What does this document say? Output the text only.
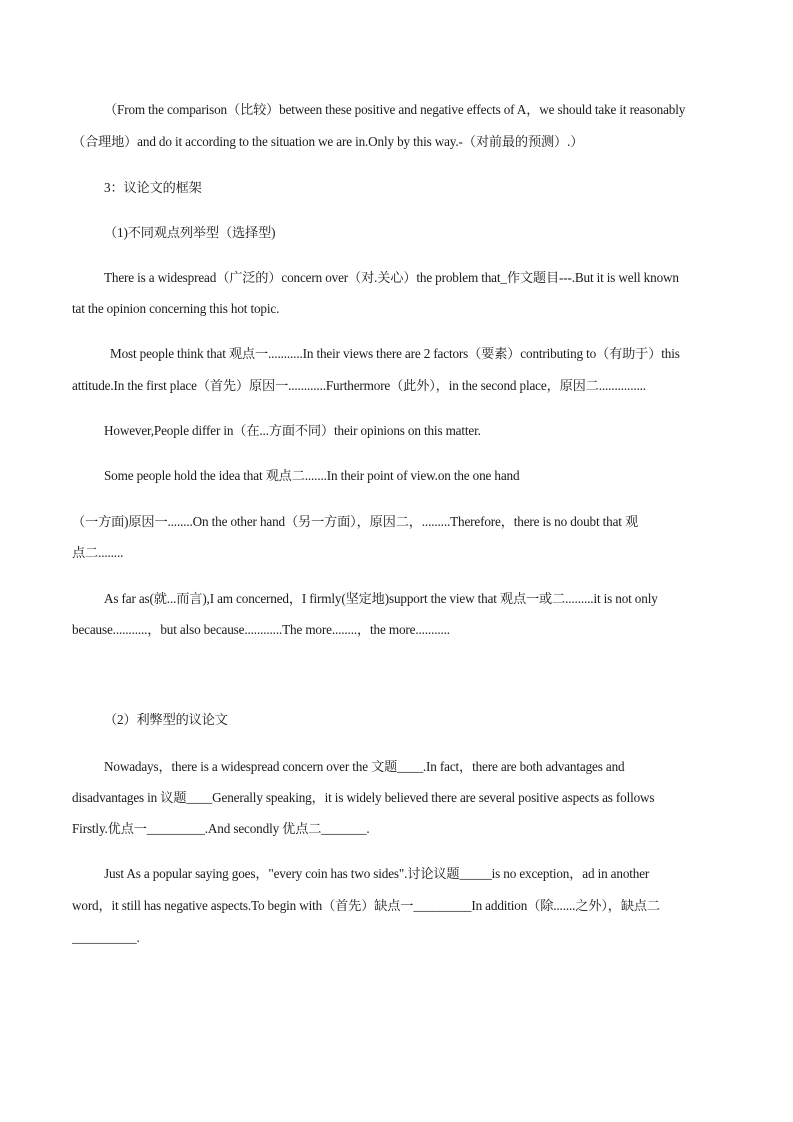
（From the comparison（比较）between these positive and negative effects of A，we should take it reasonably
（合理地）and do it according to the situation we are in.Only by this way.-（对前最的预测）.）
3：议论文的框架
（1)不同观点列举型（选择型)
There is a widespread（广泛的）concern over（对.关心）the problem that_作文题目---.But it is well known
tat the opinion concerning this hot topic.
Most people think that 观点一...........In their views there are 2 factors（要素）contributing to（有助于）this
attitude.In the first place（首先）原因一............Furthermore（此外），in the second place，原因二...............
However,People differ in（在...方面不同）their opinions on this matter.
Some people hold the idea that 观点二.......In their point of view.on the one hand
（一方面)原因一........On the other hand（另一方面），原因二，.........Therefore，there is no doubt that 观
点二........
As far as(就...而言),I am concerned，I firmly(坚定地)support the view that 观点一或二.........it is not only
because...........，but also because............The more........，the more...........
（2）利弊型的议论文
Nowadays，there is a widespread concern over the 文题____.In fact，there are both advantages and
disadvantages in 议题____Generally speaking，it is widely believed there are several positive aspects as follows
Firstly.优点一_________.And secondly 优点二_______.
Just As a popular saying goes，"every coin has two sides".讨论议题_____is no exception，ad in another
word，it still has negative aspects.To begin with（首先）缺点一_________In addition（除.......之外），缺点二
__________.
